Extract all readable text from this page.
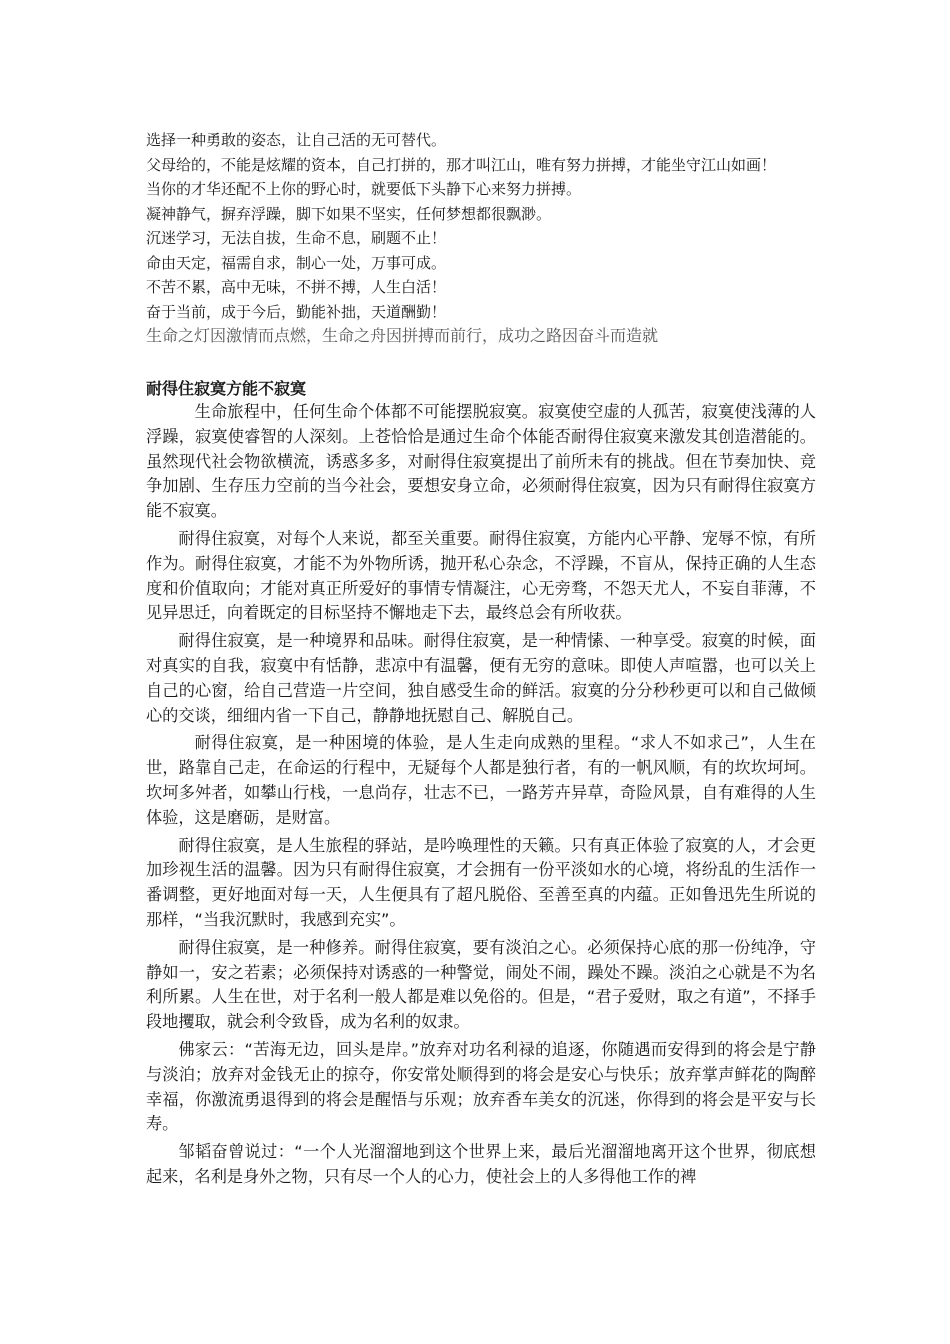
选择一种勇敢的姿态，让自己活的无可替代。

父母给的，不能是炫耀的资本，自己打拼的，那才叫江山，唯有努力拼搏，才能坐守江山如画！

当你的才华还配不上你的野心时，就要低下头静下心来努力拼搏。

凝神静气，摒弃浮躁，脚下如果不坚实，任何梦想都很飘渺。

沉迷学习，无法自拔，生命不息，刷题不止！

命由天定，福需自求，制心一处，万事可成。

不苦不累，高中无味，不拼不搏，人生白活！

奋于当前，成于今后，勤能补拙，天道酬勤！

生命之灯因激情而点燃，生命之舟因拼搏而前行，成功之路因奋斗而造就

耐得住寂寞方能不寂寞

生命旅程中，任何生命个体都不可能摆脱寂寞。寂寞使空虚的人孤苦，寂寞使浅薄的人浮躁，寂寞使睿智的人深刻。上苍恰恰是通过生命个体能否耐得住寂寞来激发其创造潜能的。虽然现代社会物欲横流，诱惑多多，对耐得住寂寞提出了前所未有的挑战。但在节奏加快、竞争加剧、生存压力空前的当今社会，要想安身立命，必须耐得住寂寞，因为只有耐得住寂寞方能不寂寞。

耐得住寂寞，对每个人来说，都至关重要。耐得住寂寞，方能内心平静、宠辱不惊，有所作为。耐得住寂寞，才能不为外物所诱，抛开私心杂念，不浮躁，不盲从，保持正确的人生态度和价值取向；才能对真正所爱好的事情专情凝注，心无旁骛，不怨天尤人，不妄自菲薄，不见异思迁，向着既定的目标坚持不懈地走下去，最终总会有所收获。

耐得住寂寞，是一种境界和品味。耐得住寂寞，是一种情愫、一种享受。寂寞的时候，面对真实的自我，寂寞中有恬静，悲凉中有温馨，便有无穷的意味。即使人声喧嚣，也可以关上自己的心窗，给自己营造一片空间，独自感受生命的鲜活。寂寞的分分秒秒更可以和自己做倾心的交谈，细细内省一下自己，静静地抚慰自己、解脱自己。

耐得住寂寞，是一种困境的体验，是人生走向成熟的里程。“求人不如求己”，人生在世，路靠自己走，在命运的行程中，无疑每个人都是独行者，有的一帆风顺，有的坎坎坷坷。坎坷多舛者，如攀山行栈，一息尚存，壮志不已，一路芳卉异草，奇险风景，自有难得的人生体验，这是磨砺，是财富。

耐得住寂寞，是人生旅程的驿站，是吟唤理性的天籁。只有真正体验了寂寞的人，才会更加珍视生活的温馨。因为只有耐得住寂寞，才会拥有一份平淡如水的心境，将纷乱的生活作一番调整，更好地面对每一天，人生便具有了超凡脱俗、至善至真的内蕴。正如鲁迅先生所说的那样，“当我沉默时，我感到充实”。

耐得住寂寞，是一种修养。耐得住寂寞，要有淡泊之心。必须保持心底的那一份纯净，守静如一，安之若素；必须保持对诱惑的一种警觉，闹处不闹，躁处不躁。淡泊之心就是不为名利所累。人生在世，对于名利一般人都是难以免俗的。但是，“君子爱财，取之有道”，不择手段地攫取，就会利令致昏，成为名利的奴隶。

佛家云：“苦海无边，回头是岸。”放弃对功名利禄的追逐，你随遇而安得到的将会是宁静与淡泊；放弃对金钱无止的掠夺，你安常处顺得到的将会是安心与快乐；放弃掌声鲜花的陶醉幸福，你激流勇退得到的将会是醒悟与乐观；放弃香车美女的沉迷，你得到的将会是平安与长寿。

邹韬奋曾说过：“一个人光溜溜地到这个世界上来，最后光溜溜地离开这个世界，彻底想起来，名利是身外之物，只有尽一个人的心力，使社会上的人多得他工作的裨
